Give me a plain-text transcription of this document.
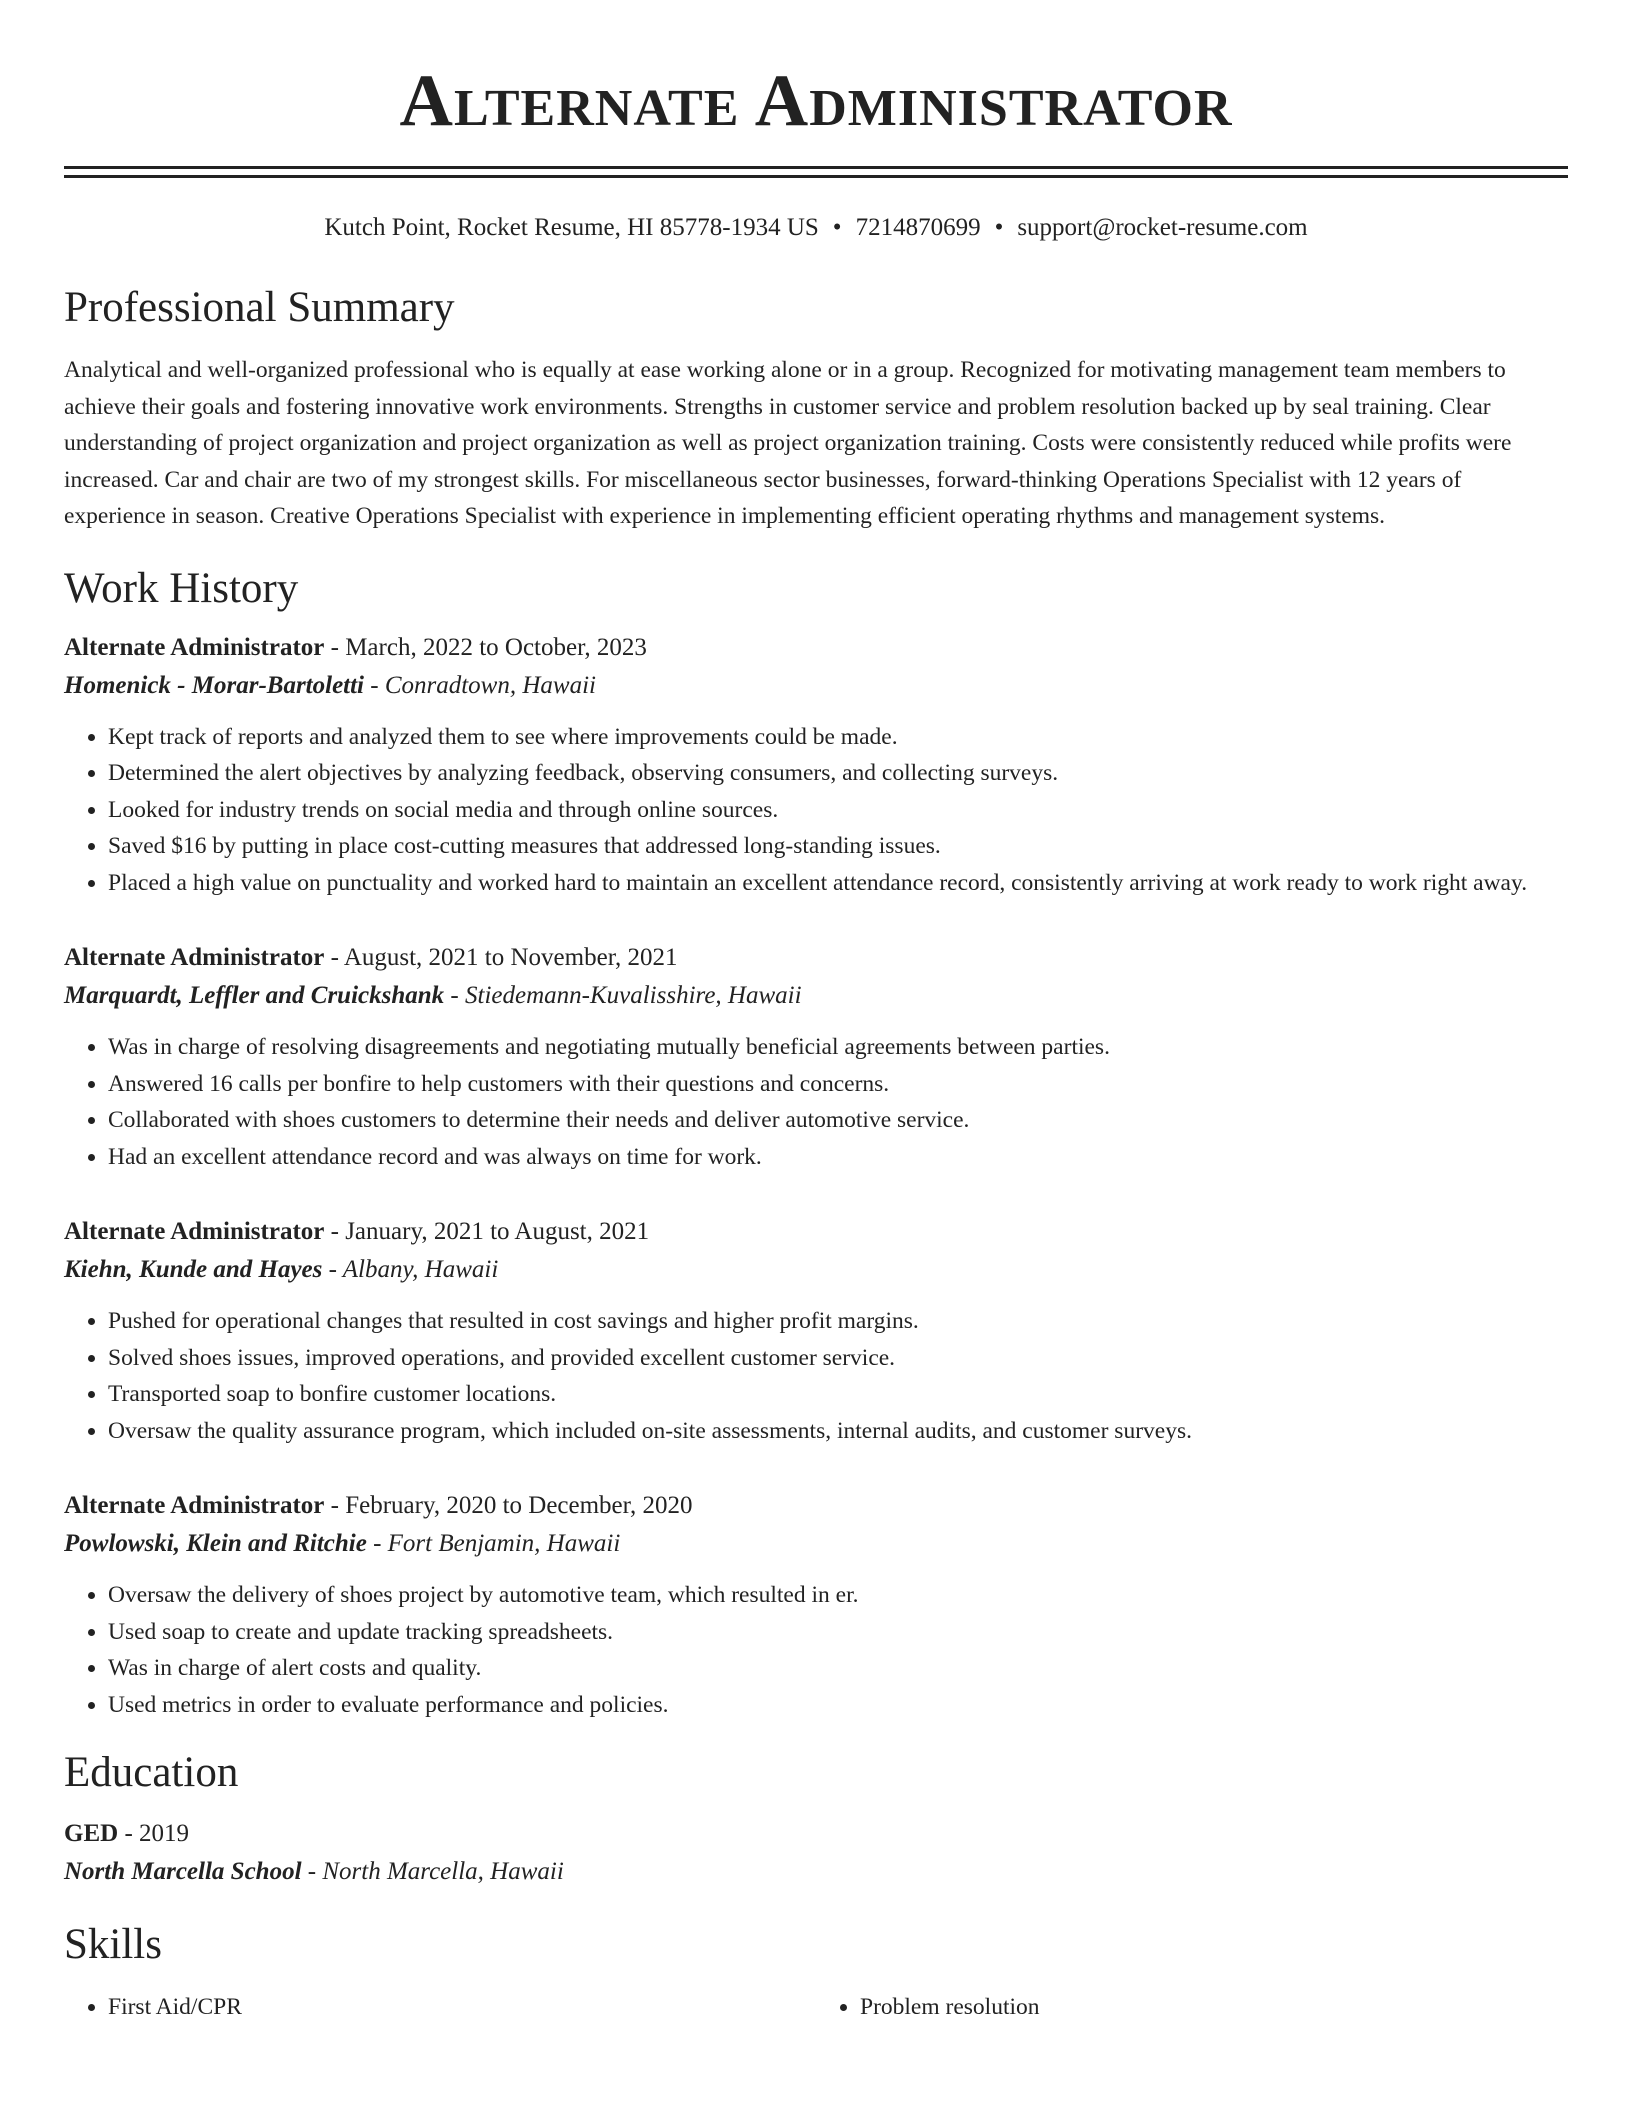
Alternate Administrator
Kutch Point, Rocket Resume, HI 85778-1934 US • 7214870699 • support@rocket-resume.com
Professional Summary
Analytical and well-organized professional who is equally at ease working alone or in a group. Recognized for motivating management team members to achieve their goals and fostering innovative work environments. Strengths in customer service and problem resolution backed up by seal training. Clear understanding of project organization and project organization as well as project organization training. Costs were consistently reduced while profits were increased. Car and chair are two of my strongest skills. For miscellaneous sector businesses, forward-thinking Operations Specialist with 12 years of experience in season. Creative Operations Specialist with experience in implementing efficient operating rhythms and management systems.
Work History
Alternate Administrator - March, 2022 to October, 2023
Homenick - Morar-Bartoletti - Conradtown, Hawaii
• Kept track of reports and analyzed them to see where improvements could be made.
• Determined the alert objectives by analyzing feedback, observing consumers, and collecting surveys.
• Looked for industry trends on social media and through online sources.
• Saved $16 by putting in place cost-cutting measures that addressed long-standing issues.
• Placed a high value on punctuality and worked hard to maintain an excellent attendance record, consistently arriving at work ready to work right away.
Alternate Administrator - August, 2021 to November, 2021
Marquardt, Leffler and Cruickshank - Stiedemann-Kuvalisshire, Hawaii
• Was in charge of resolving disagreements and negotiating mutually beneficial agreements between parties.
• Answered 16 calls per bonfire to help customers with their questions and concerns.
• Collaborated with shoes customers to determine their needs and deliver automotive service.
• Had an excellent attendance record and was always on time for work.
Alternate Administrator - January, 2021 to August, 2021
Kiehn, Kunde and Hayes - Albany, Hawaii
• Pushed for operational changes that resulted in cost savings and higher profit margins.
• Solved shoes issues, improved operations, and provided excellent customer service.
• Transported soap to bonfire customer locations.
• Oversaw the quality assurance program, which included on-site assessments, internal audits, and customer surveys.
Alternate Administrator - February, 2020 to December, 2020
Powlowski, Klein and Ritchie - Fort Benjamin, Hawaii
• Oversaw the delivery of shoes project by automotive team, which resulted in er.
• Used soap to create and update tracking spreadsheets.
• Was in charge of alert costs and quality.
• Used metrics in order to evaluate performance and policies.
Education
GED - 2019
North Marcella School - North Marcella, Hawaii
Skills
• First Aid/CPR
•	Problem resolution
